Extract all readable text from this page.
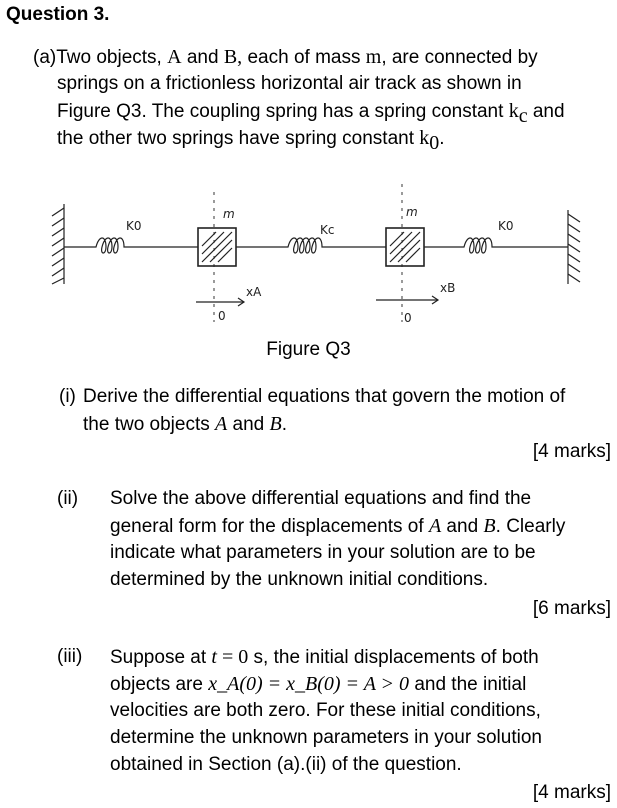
Question 3.
(a)Two objects, A and B, each of mass m, are connected by
springs on a frictionless horizontal air track as shown in
Figure Q3. The coupling spring has a spring constant $k_c$ and
the other two springs have spring constant $k_0$.
K0
m
Kc
m
K0
xA	xB
0	0
Figure Q3
(i) Derive the differential equations that govern the motion of
the two objects A and B.
[4 marks]
(ii) Solve the above differential equations and find the
general form for the displacements of A and B. Clearly
indicate what parameters in your solution are to be
determined by the unknown initial conditions.
[6 marks]
(iii) Suppose at t = 0 s, the initial displacements of both
objects are x_A(0) = x_B(0) = A > 0 and the initial
velocities are both zero. For these initial conditions,
determine the unknown parameters in your solution
obtained in Section (a).(ii) of the question.
[4 marks]
